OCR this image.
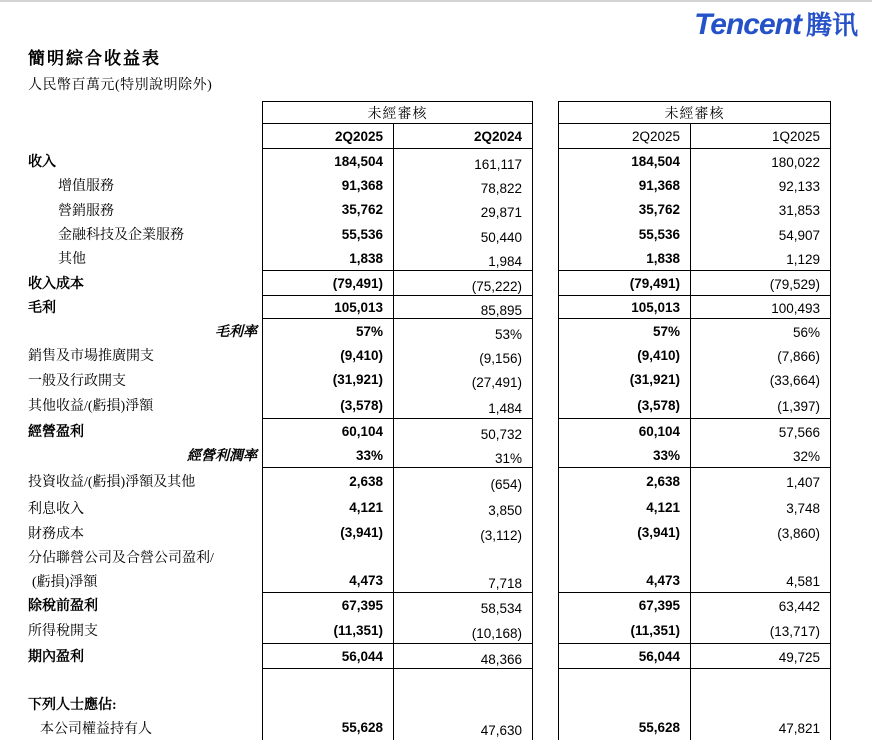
Tencent 腾讯
簡明綜合收益表
人民幣百萬元(特別說明除外)
未經審核	未經審核
2Q2025	2Q2024	2Q2025	1Q2025
收入	184,504	161,117	184,504	180,022
增值服務	91,368	78,822	91,368	92,133
營銷服務	35,762	29,871	35,762	31,853
金融科技及企業服務	55,536	50,440	55,536	54,907
其他	1,838	1,984	1,838	1,129
收入成本	(79,491)	(75,222)	(79,491)	(79,529)
毛利	105,013	85,895	105,013	100,493
毛利率	57%	53%	57%	56%
銷售及市場推廣開支	(9,410)	(9,156)	(9,410)	(7,866)
一般及行政開支	(31,921)	(27,491)	(31,921)	(33,664)
其他收益/(虧損)淨額	(3,578)	1,484	(3,578)	(1,397)
經營盈利	60,104	50,732	60,104	57,566
經營利潤率	33%	31%	33%	32%
投資收益/(虧損)淨額及其他	2,638	(654)	2,638	1,407
利息收入	4,121	3,850	4,121	3,748
財務成本	(3,941)	(3,112)	(3,941)	(3,860)
分佔聯營公司及合營公司盈利/
(虧損)淨額	4,473	7,718	4,473	4,581
除稅前盈利	67,395	58,534	67,395	63,442
所得稅開支	(11,351)	(10,168)	(11,351)	(13,717)
期內盈利	56,044	48,366	56,044	49,725
下列人士應佔:
本公司權益持有人	55,628	47,630	55,628	47,821
